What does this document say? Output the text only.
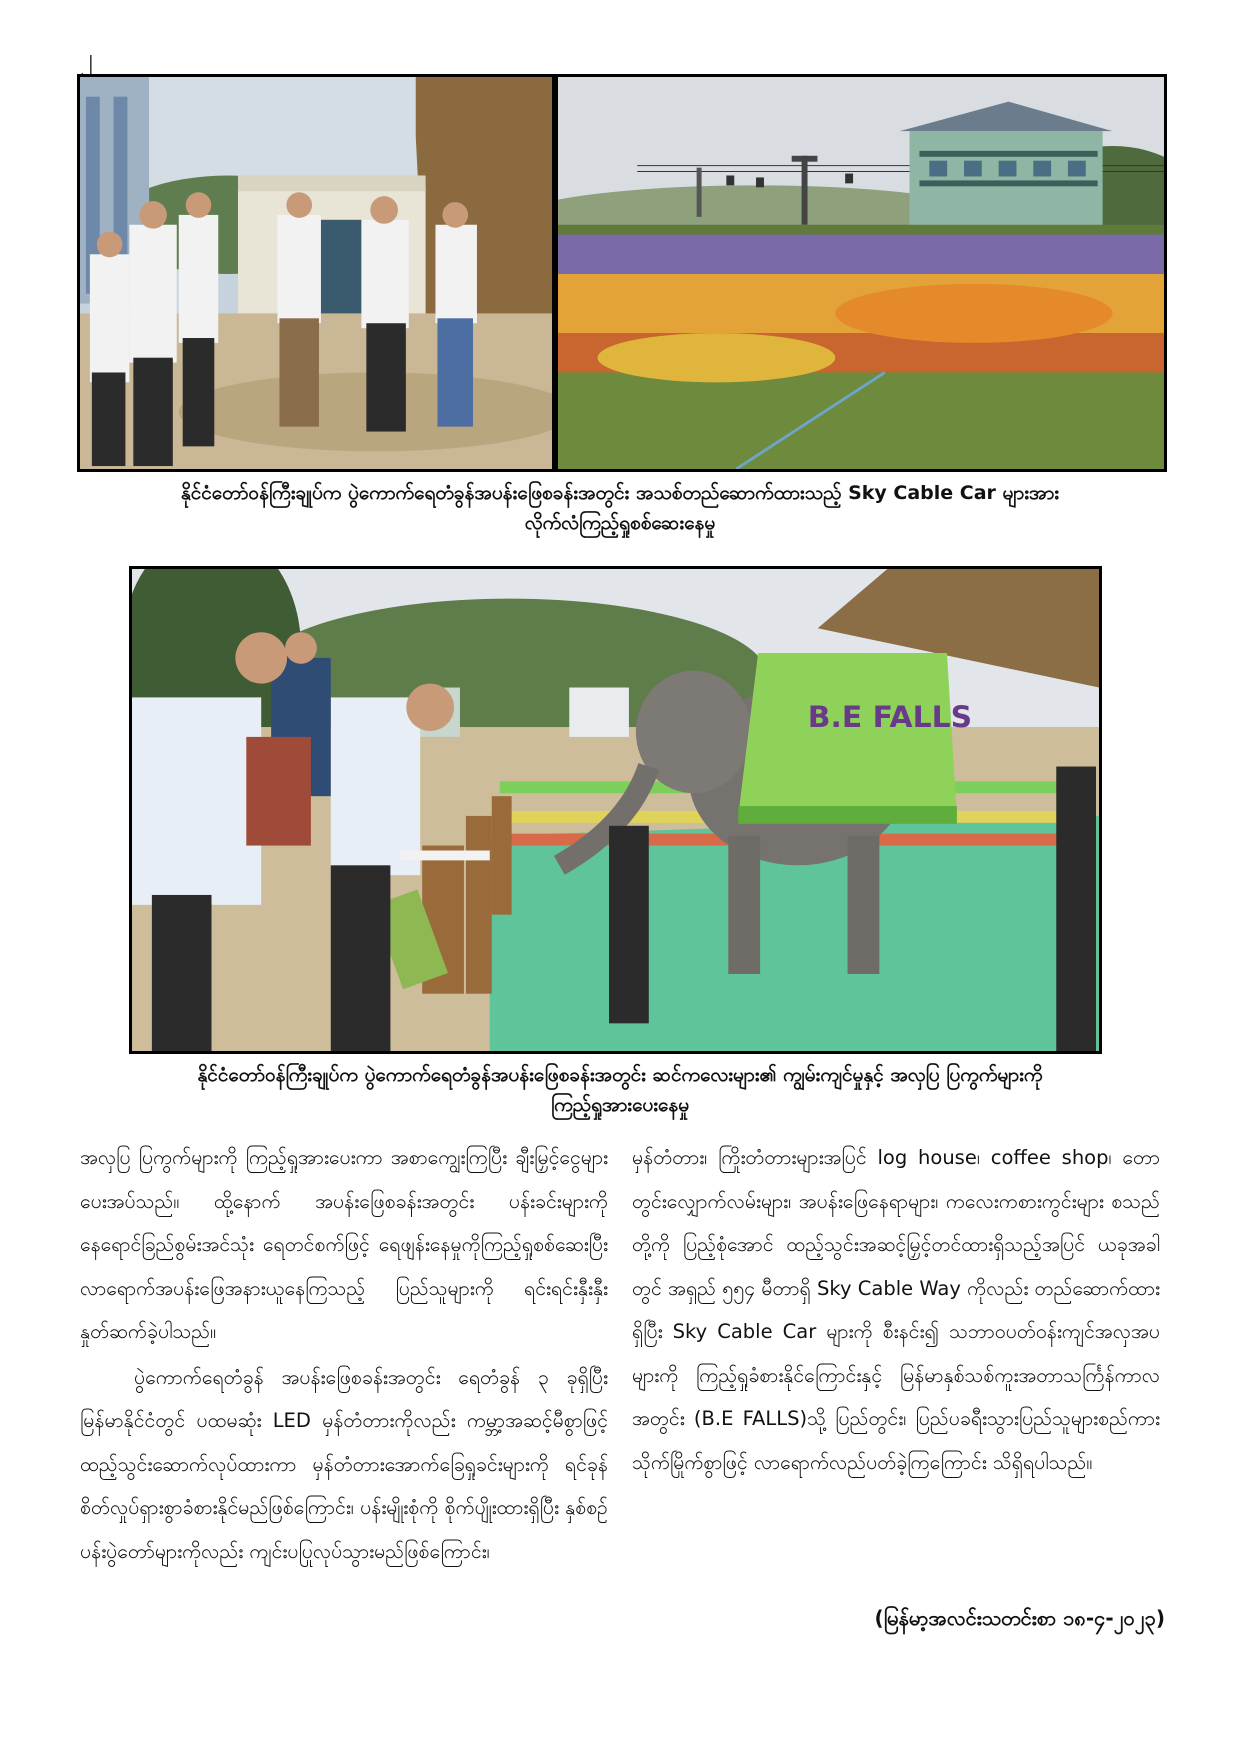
၂
နိုင်ငံတော်ဝန်ကြီးချုပ်က ပွဲကောက်ရေတံခွန်အပန်းဖြေစခန်းအတွင်း အသစ်တည်ဆောက်ထားသည့် Sky Cable Car များအား
လိုက်လံကြည့်ရှုစစ်ဆေးနေမှု
B.E FALLS
နိုင်ငံတော်ဝန်ကြီးချုပ်က ပွဲကောက်ရေတံခွန်အပန်းဖြေစခန်းအတွင်း ဆင်ကလေးများ၏ ကျွမ်းကျင်မှုနှင့် အလှပြ ပြကွက်များကို
ကြည့်ရှုအားပေးနေမှု

အလှပြ ပြကွက်များကို ကြည့်ရှုအားပေးကာ အစာကျွေးကြပြီး ချီးမြှင့်ငွေများပေးအပ်သည်။ ထို့နောက် အပန်းဖြေစခန်းအတွင်း ပန်းခင်းများကို နေရောင်ခြည်စွမ်းအင်သုံး ရေတင်စက်ဖြင့် ရေဖျန်းနေမှုကိုကြည့်ရှုစစ်ဆေးပြီး လာရောက်အပန်းဖြေအနားယူနေကြသည့် ပြည်သူများကို ရင်းရင်းနှီးနှီးနှုတ်ဆက်ခဲ့ပါသည်။

ပွဲကောက်ရေတံခွန် အပန်းဖြေစခန်းအတွင်း ရေတံခွန် ၃ ခုရှိပြီး မြန်မာနိုင်ငံတွင် ပထမဆုံး LED မှန်တံတားကိုလည်း ကမ္ဘာ့အဆင့်မီစွာဖြင့် ထည့်သွင်းဆောက်လုပ်ထားကာ မှန်တံတားအောက်ခြေရှုခင်းများကို ရင်ခုန်စိတ်လှုပ်ရှားစွာခံစားနိုင်မည်ဖြစ်ကြောင်း၊ ပန်းမျိုးစုံကို စိုက်ပျိုးထားရှိပြီး နှစ်စဉ်ပန်းပွဲတော်များကိုလည်း ကျင်းပပြုလုပ်သွားမည်ဖြစ်ကြောင်း၊

မှန်တံတား၊ ကြိုးတံတားများအပြင် log house၊ coffee shop၊ တောတွင်းလျှောက်လမ်းများ၊ အပန်းဖြေနေရာများ၊ ကလေးကစားကွင်းများ စသည်တို့ကို ပြည့်စုံအောင် ထည့်သွင်းအဆင့်မြှင့်တင်ထားရှိသည့်အပြင် ယခုအခါတွင် အရှည် ၅၅၄ မီတာရှိ Sky Cable Way ကိုလည်း တည်ဆောက်ထားရှိပြီး Sky Cable Car များကို စီးနင်း၍ သဘာဝပတ်ဝန်းကျင်အလှအပများကို ကြည့်ရှုခံစားနိုင်ကြောင်းနှင့် မြန်မာနှစ်သစ်ကူးအတာသင်္ကြန်ကာလအတွင်း (B.E FALLS)သို့ ပြည်တွင်း၊ ပြည်ပခရီးသွားပြည်သူများစည်ကားသိုက်မြိုက်စွာဖြင့် လာရောက်လည်ပတ်ခဲ့ကြကြောင်း သိရှိရပါသည်။

(မြန်မာ့အလင်းသတင်းစာ ၁၈-၄-၂၀၂၃)
